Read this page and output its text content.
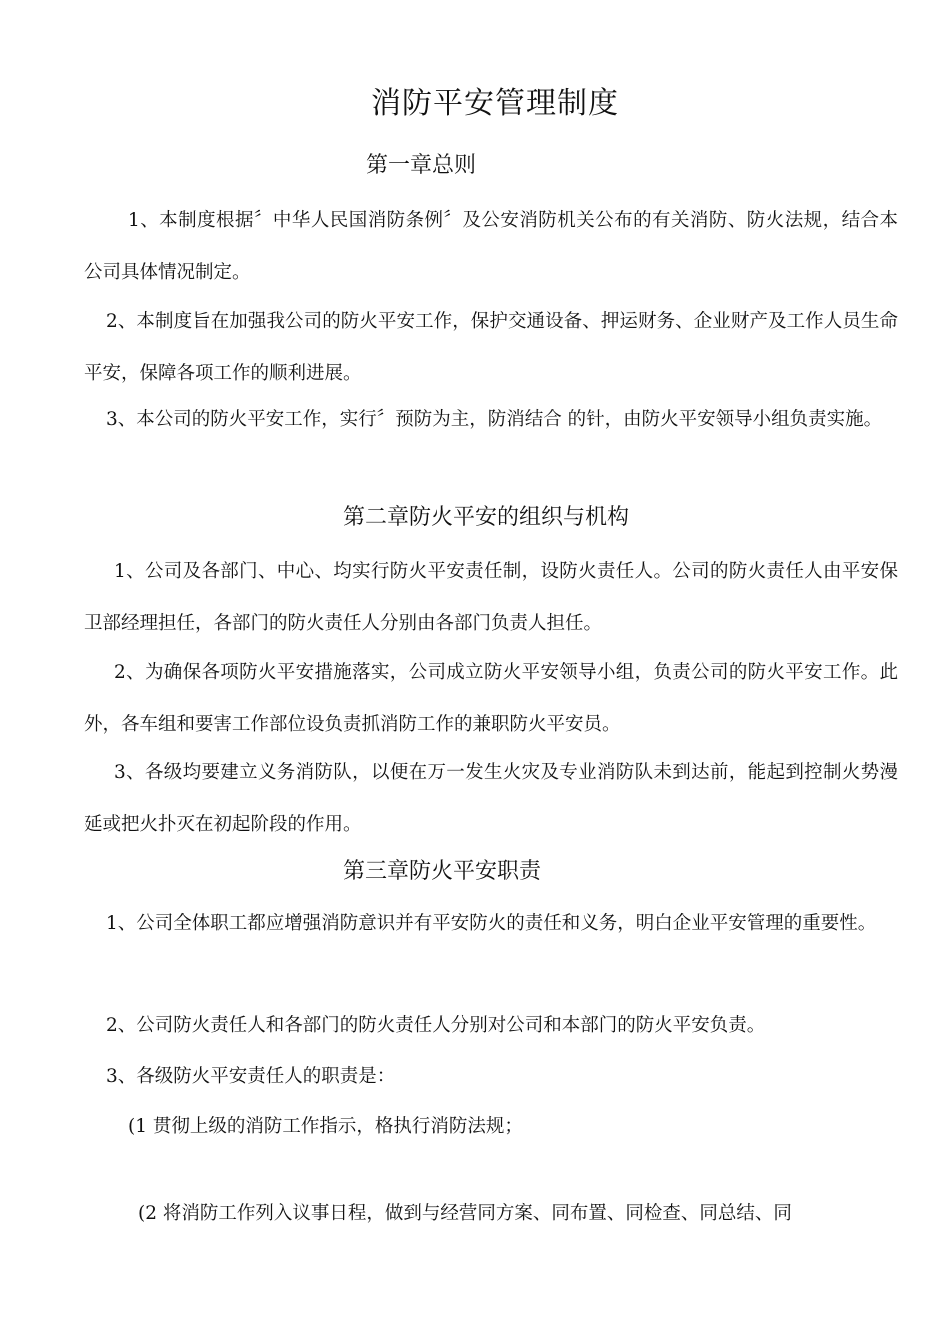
消防平安管理制度
第一章总则
1、本制度根据〞中华人民国消防条例〞及公安消防机关公布的有关消防、防火法规，结合本公司具体情况制定。
2、本制度旨在加强我公司的防火平安工作，保护交通设备、押运财务、企业财产及工作人员生命平安，保障各项工作的顺利进展。
3、本公司的防火平安工作，实行〞预防为主，防消结合 的针，由防火平安领导小组负责实施。
第二章防火平安的组织与机构
1、公司及各部门、中心、均实行防火平安责任制，设防火责任人。公司的防火责任人由平安保卫部经理担任，各部门的防火责任人分别由各部门负责人担任。
2、为确保各项防火平安措施落实，公司成立防火平安领导小组，负责公司的防火平安工作。此外，各车组和要害工作部位设负责抓消防工作的兼职防火平安员。
3、各级均要建立义务消防队，以便在万一发生火灾及专业消防队未到达前，能起到控制火势漫延或把火扑灭在初起阶段的作用。
第三章防火平安职责
1、公司全体职工都应增强消防意识并有平安防火的责任和义务，明白企业平安管理的重要性。
2、公司防火责任人和各部门的防火责任人分别对公司和本部门的防火平安负责。
3、各级防火平安责任人的职责是：
(1 贯彻上级的消防工作指示，格执行消防法规；
(2 将消防工作列入议事日程，做到与经营同方案、同布置、同检查、同总结、同
